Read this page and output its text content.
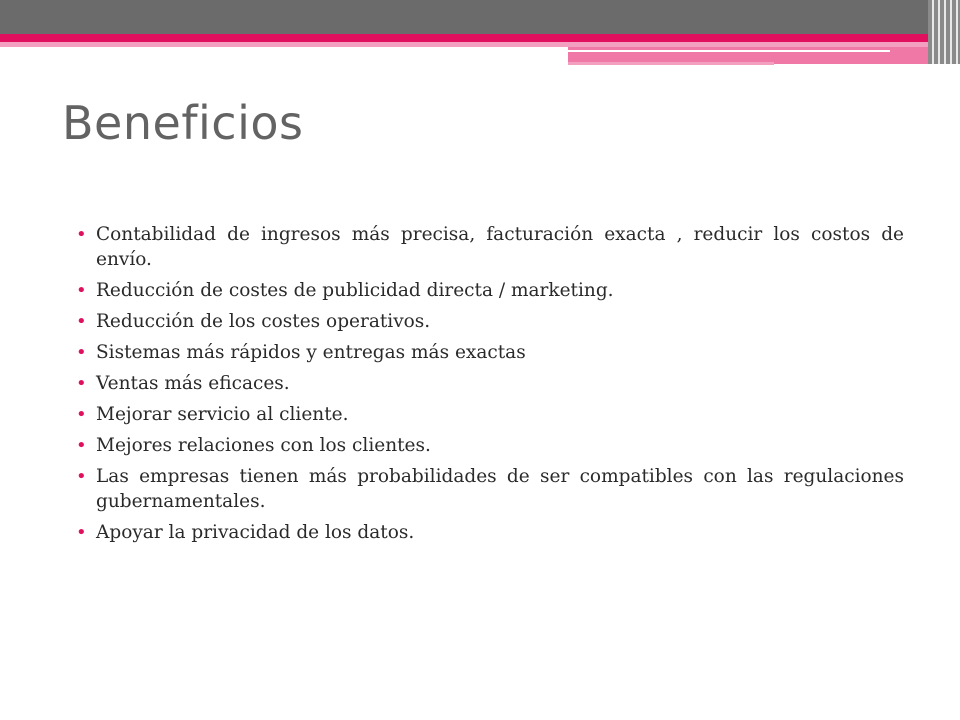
Beneficios
• Contabilidad de ingresos más precisa, facturación exacta , reducir los costos de envío.
• Reducción de costes de publicidad directa / marketing.
• Reducción de los costes operativos.
• Sistemas más rápidos y entregas más exactas
• Ventas más eficaces.
• Mejorar servicio al cliente.
• Mejores relaciones con los clientes.
• Las empresas tienen más probabilidades de ser compatibles con las regulaciones gubernamentales.
• Apoyar la privacidad de los datos.
